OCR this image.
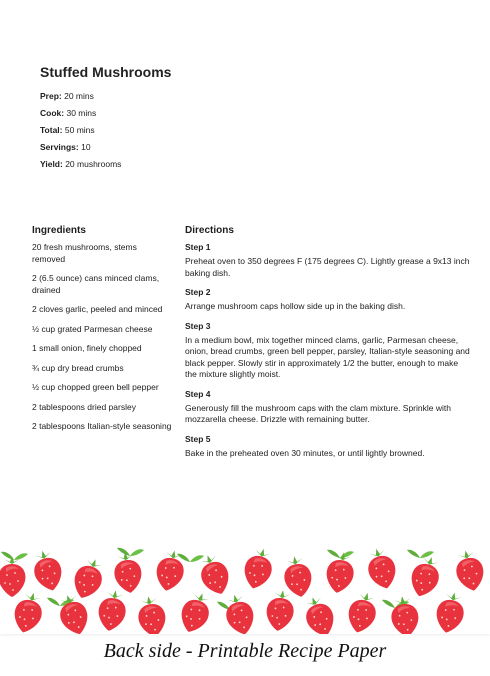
Stuffed Mushrooms
Prep: 20 mins
Cook: 30 mins
Total: 50 mins
Servings: 10
Yield: 20 mushrooms
Ingredients
20 fresh mushrooms, stems removed
2 (6.5 ounce) cans minced clams, drained
2 cloves garlic, peeled and minced
½ cup grated Parmesan cheese
1 small onion, finely chopped
¾ cup dry bread crumbs
½ cup chopped green bell pepper
2 tablespoons dried parsley
2 tablespoons Italian-style seasoning
Directions
Step 1
Preheat oven to 350 degrees F (175 degrees C). Lightly grease a 9x13 inch baking dish.
Step 2
Arrange mushroom caps hollow side up in the baking dish.
Step 3
In a medium bowl, mix together minced clams, garlic, Parmesan cheese, onion, bread crumbs, green bell pepper, parsley, Italian-style seasoning and black pepper. Slowly stir in approximately 1/2 the butter, enough to make the mixture slightly moist.
Step 4
Generously fill the mushroom caps with the clam mixture. Sprinkle with mozzarella cheese. Drizzle with remaining butter.
Step 5
Bake in the preheated oven 30 minutes, or until lightly browned.
Back side - Printable Recipe Paper
